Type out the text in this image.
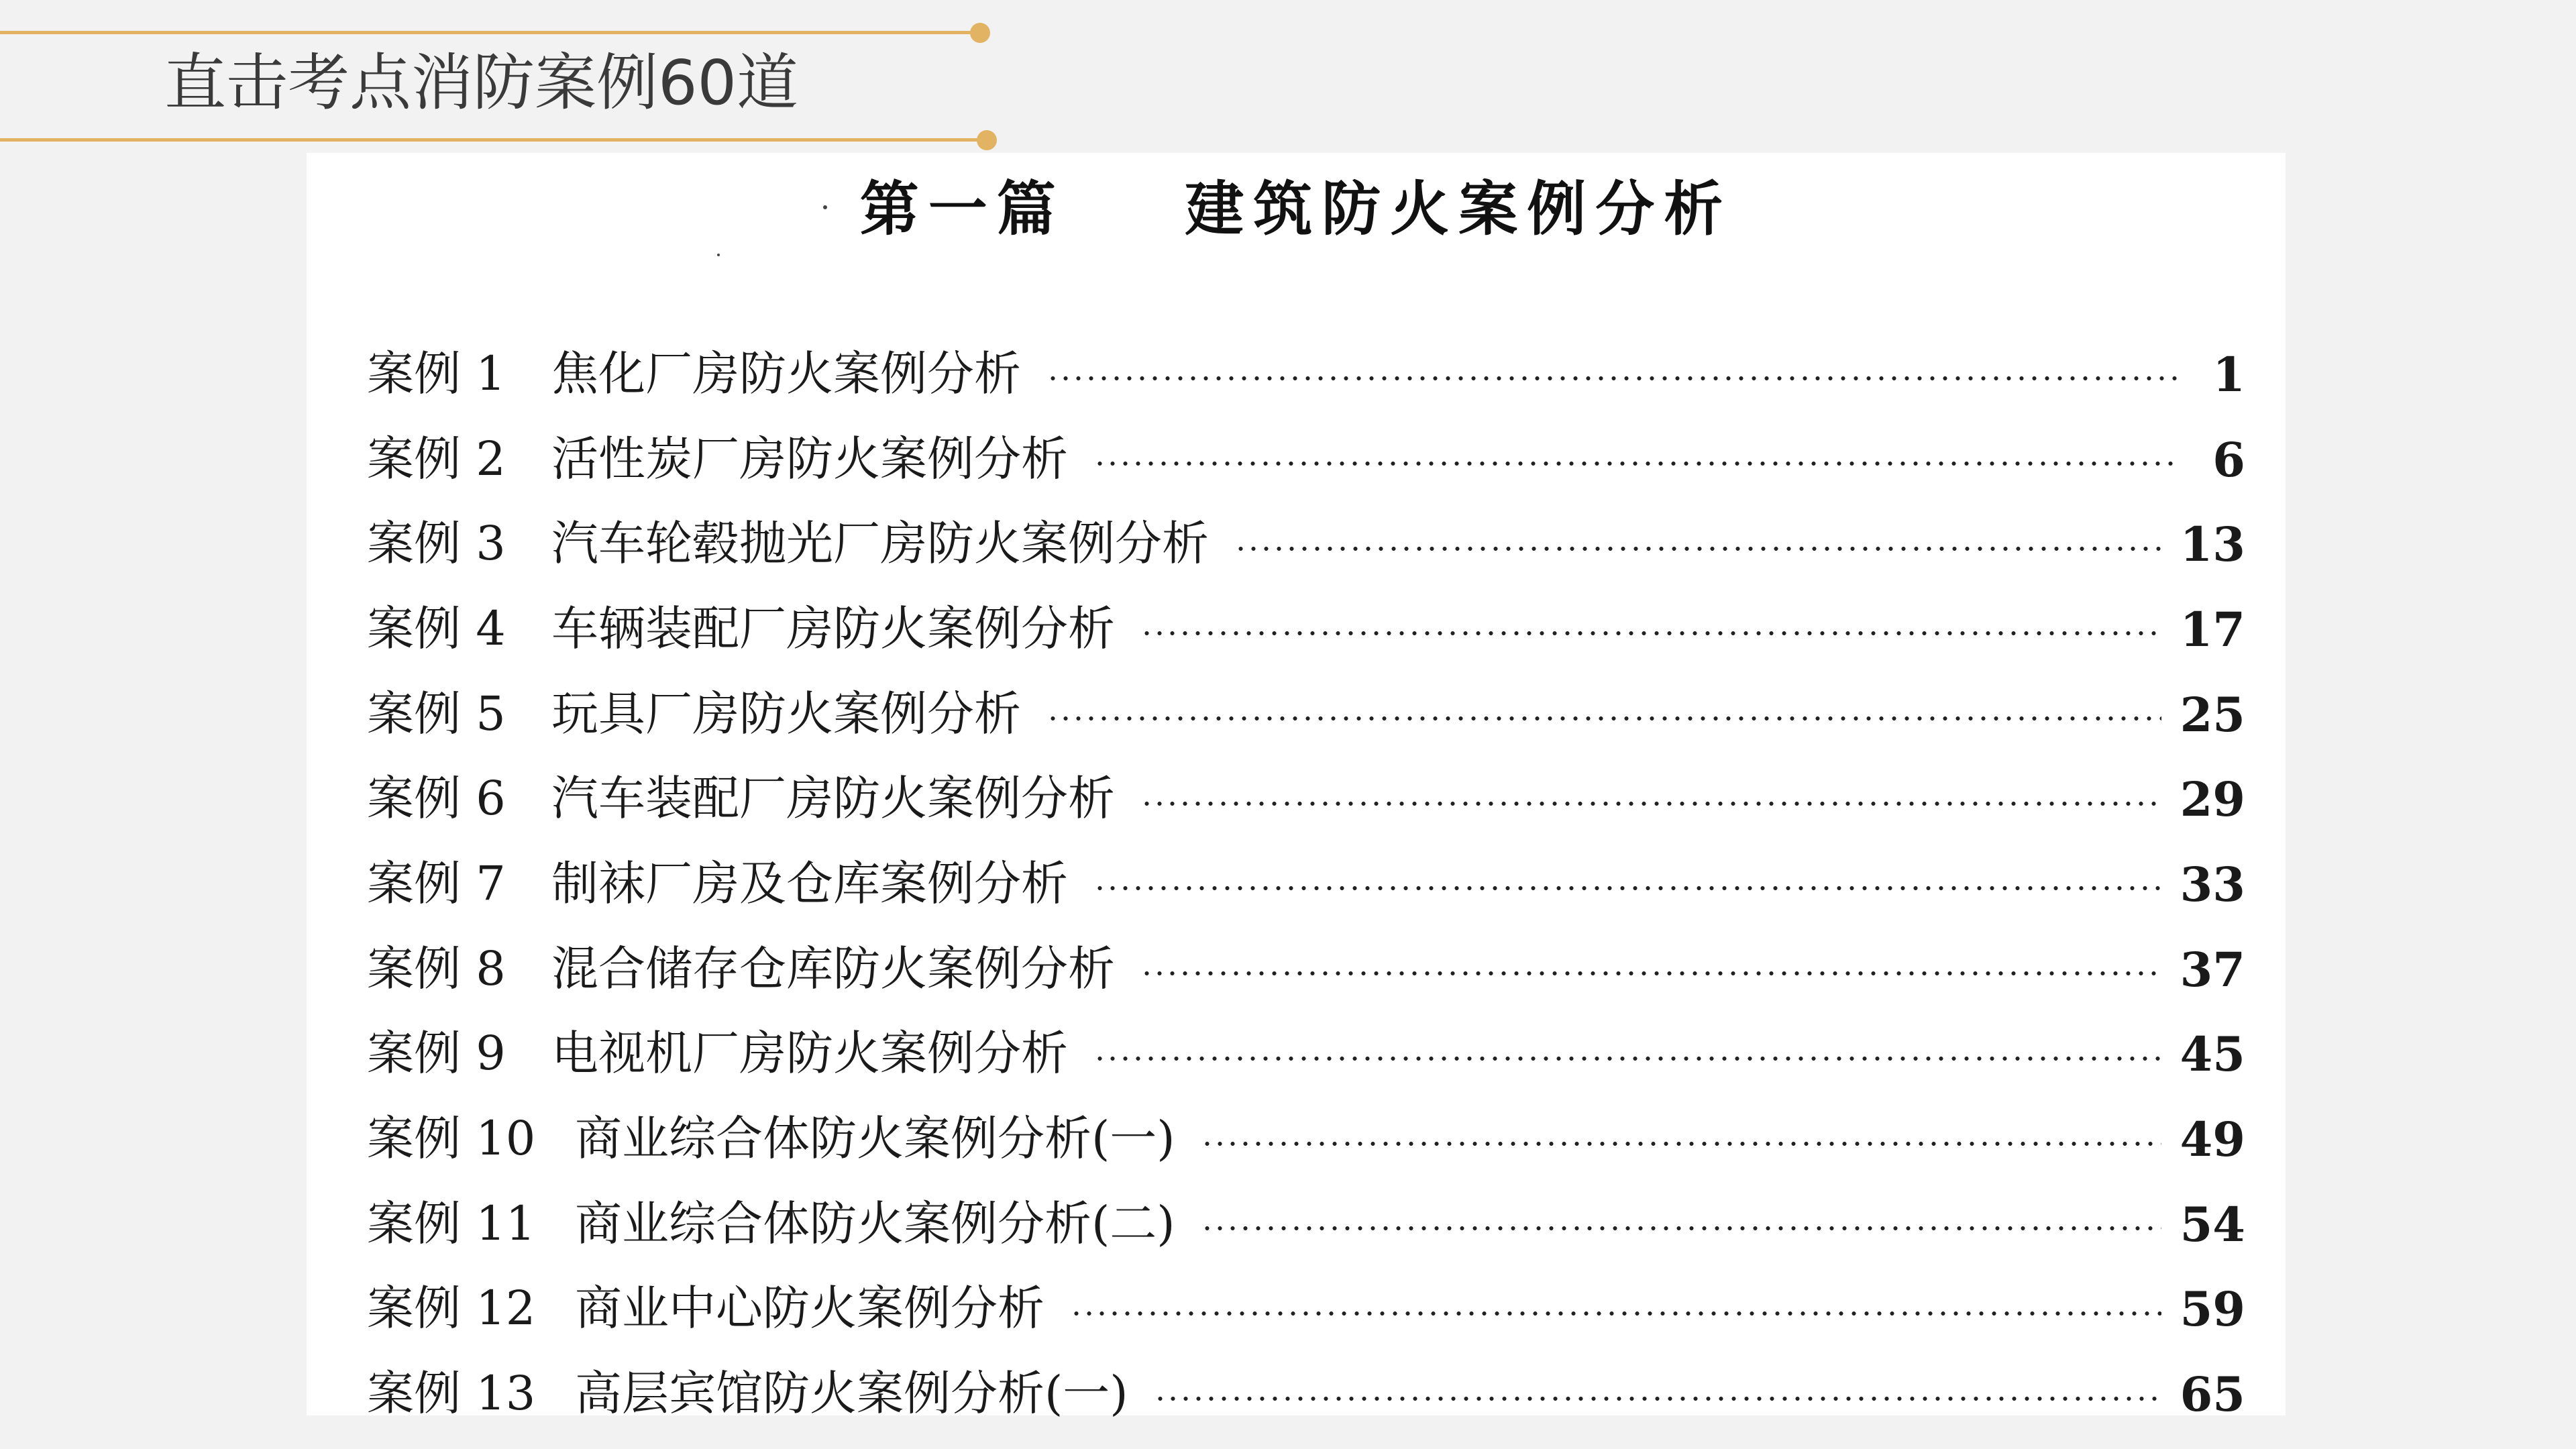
直击考点消防案例60道
第一篇    建筑防火案例分析
案例 1 焦化厂房防火案例分析	1
案例 2 活性炭厂房防火案例分析	6
案例 3 汽车轮毂抛光厂房防火案例分析	13
案例 4 车辆装配厂房防火案例分析	17
案例 5 玩具厂房防火案例分析	25
案例 6 汽车装配厂房防火案例分析	29
案例 7 制袜厂房及仓库案例分析	33
案例 8 混合储存仓库防火案例分析	37
案例 9 电视机厂房防火案例分析	45
案例 10 商业综合体防火案例分析(一)	49
案例 11 商业综合体防火案例分析(二)	54
案例 12 商业中心防火案例分析	59
案例 13 高层宾馆防火案例分析(一)	65
